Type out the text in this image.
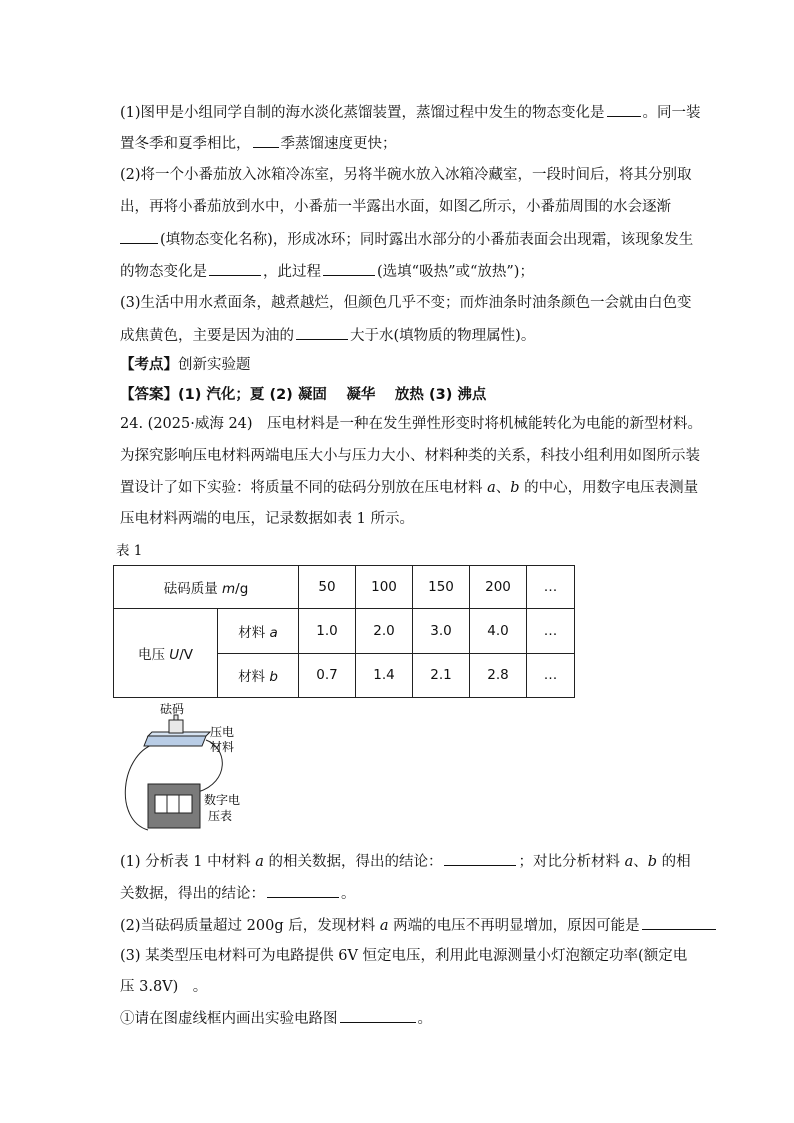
(1)图甲是小组同学自制的海水淡化蒸馏装置，蒸馏过程中发生的物态变化是	。同一装
置冬季和夏季相比， 季蒸馏速度更快；
(2)将一个小番茄放入冰箱冷冻室，另将半碗水放入冰箱冷藏室，一段时间后，将其分别取
出，再将小番茄放到水中，小番茄一半露出水面，如图乙所示，小番茄周围的水会逐渐
(填物态变化名称)，形成冰环；同时露出水部分的小番茄表面会出现霜，该现象发生
的物态变化是	，此过程	(选填“吸热”或“放热”)；
(3)生活中用水煮面条，越煮越烂，但颜色几乎不变；而炸油条时油条颜色一会就由白色变
成焦黄色，主要是因为油的	大于水(填物质的物理属性)。
【考点】创新实验题
【答案】(1) 汽化；夏 (2) 凝固　 凝华　 放热 (3) 沸点
24. (2025·威海 24)　压电材料是一种在发生弹性形变时将机械能转化为电能的新型材料。
为探究影响压电材料两端电压大小与压力大小、材料种类的关系，科技小组利用如图所示装
置设计了如下实验：将质量不同的砝码分别放在压电材料 a、b 的中心，用数字电压表测量
压电材料两端的电压，记录数据如表 1 所示。
表 1
砝码质量 m/g		50	100	150	200	…
电压 U/V	材料 a	1.0	2.0	3.0	4.0	…
	材料 b	0.7	1.4	2.1	2.8	…
砝码
压电
材料
数字电
压表
(1) 分析表 1 中材料 a 的相关数据，得出的结论：	；对比分析材料 a、b 的相
关数据，得出的结论：	。
(2)当砝码质量超过 200g 后，发现材料 a 两端的电压不再明显增加，原因可能是
(3) 某类型压电材料可为电路提供 6V 恒定电压，利用此电源测量小灯泡额定功率(额定电
压 3.8V)　。
①请在图虚线框内画出实验电路图	。
